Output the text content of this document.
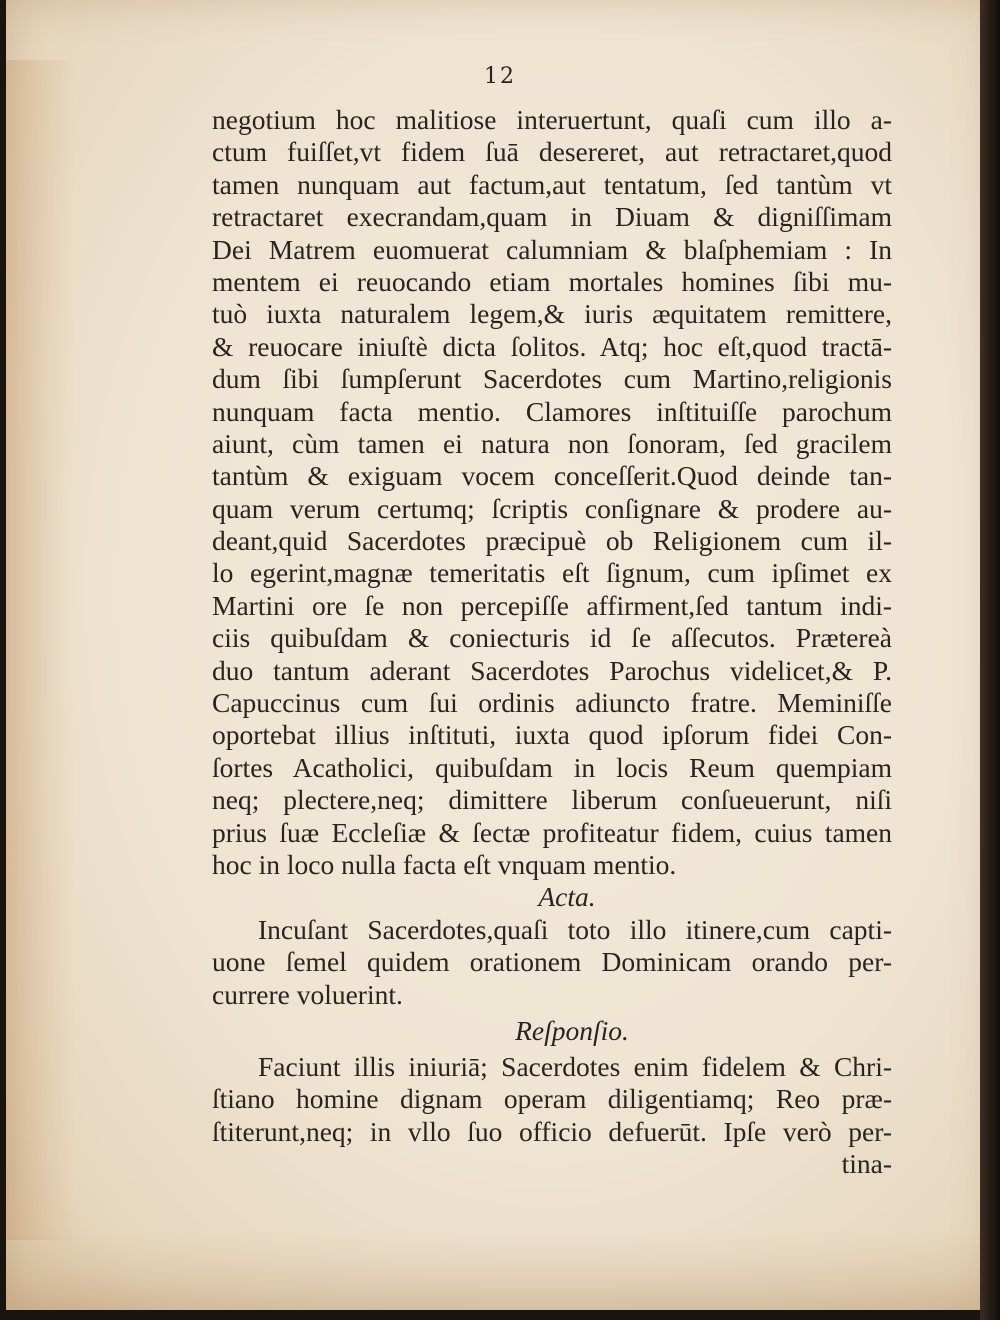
12
negotium hoc malitiose interuertunt, quaſi cum illo a-
ctum fuiſſet,vt fidem ſuā desereret, aut retractaret,quod
tamen nunquam aut factum,aut tentatum, ſed tantùm vt
retractaret execrandam,quam in Diuam & digniſſimam
Dei Matrem euomuerat calumniam & blaſphemiam : In
mentem ei reuocando etiam mortales homines ſibi mu-
tuò iuxta naturalem legem,& iuris æquitatem remittere,
& reuocare iniuſtè dicta ſolitos. Atq; hoc eſt,quod tractā-
dum ſibi ſumpſerunt Sacerdotes cum Martino,religionis
nunquam facta mentio. Clamores inſtituiſſe parochum
aiunt, cùm tamen ei natura non ſonoram, ſed gracilem
tantùm & exiguam vocem conceſſerit.Quod deinde tan-
quam verum certumq; ſcriptis conſignare & prodere au-
deant,quid Sacerdotes præcipuè ob Religionem cum il-
lo egerint,magnæ temeritatis eſt ſignum, cum ipſimet ex
Martini ore ſe non percepiſſe affirment,ſed tantum indi-
ciis quibuſdam & coniecturis id ſe aſſecutos. Prætereà
duo tantum aderant Sacerdotes Parochus videlicet,& P.
Capuccinus cum ſui ordinis adiuncto fratre. Meminiſſe
oportebat illius inſtituti, iuxta quod ipſorum fidei Con-
ſortes Acatholici, quibuſdam in locis Reum quempiam
neq; plectere,neq; dimittere liberum conſueuerunt, niſi
prius ſuæ Eccleſiæ & ſectæ profiteatur fidem, cuius tamen
hoc in loco nulla facta eſt vnquam mentio.
Acta.
Incuſant Sacerdotes,quaſi toto illo itinere,cum capti-
uone ſemel quidem orationem Dominicam orando per-
currere voluerint.
Reſponſio.
Faciunt illis iniuriā; Sacerdotes enim fidelem & Chri-
ſtiano homine dignam operam diligentiamq; Reo præ-
ſtiterunt,neq; in vllo ſuo officio defuerūt. Ipſe verò per-
tina-
